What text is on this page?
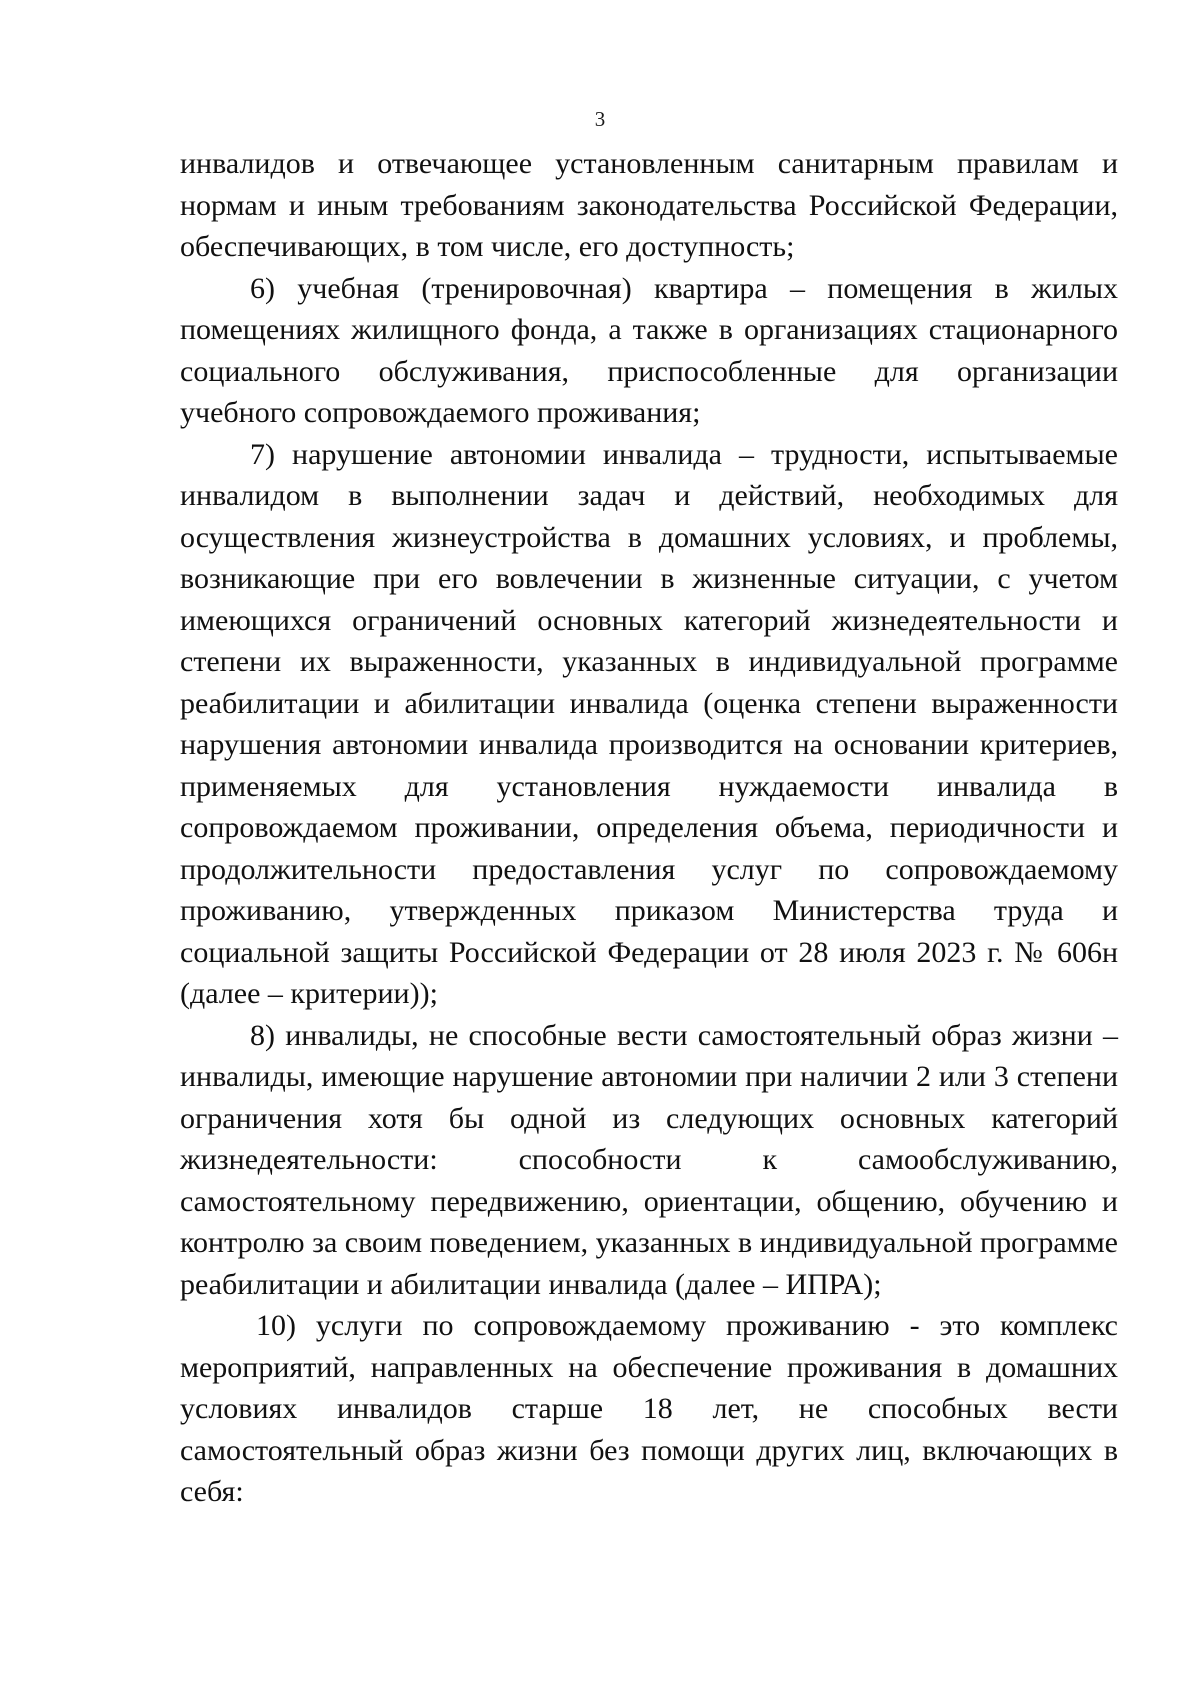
3

инвалидов и отвечающее установленным санитарным правилам и нормам и иным требованиям законодательства Российской Федерации, обеспечивающих, в том числе, его доступность;

6) учебная (тренировочная) квартира – помещения в жилых помещениях жилищного фонда, а также в организациях стационарного социального обслуживания, приспособленные для организации учебного сопровождаемого проживания;

7) нарушение автономии инвалида – трудности, испытываемые инвалидом в выполнении задач и действий, необходимых для осуществления жизнеустройства в домашних условиях, и проблемы, возникающие при его вовлечении в жизненные ситуации, с учетом имеющихся ограничений основных категорий жизнедеятельности и степени их выраженности, указанных в индивидуальной программе реабилитации и абилитации инвалида (оценка степени выраженности нарушения автономии инвалида производится на основании критериев, применяемых для установления нуждаемости инвалида в сопровождаемом проживании, определения объема, периодичности и продолжительности предоставления услуг по сопровождаемому проживанию, утвержденных приказом Министерства труда и социальной защиты Российской Федерации от 28 июля 2023 г. № 606н (далее – критерии));

8) инвалиды, не способные вести самостоятельный образ жизни – инвалиды, имеющие нарушение автономии при наличии 2 или 3 степени ограничения хотя бы одной из следующих основных категорий жизнедеятельности: способности к самообслуживанию, самостоятельному передвижению, ориентации, общению, обучению и контролю за своим поведением, указанных в индивидуальной программе реабилитации и абилитации инвалида (далее – ИПРА);

10) услуги по сопровождаемому проживанию - это комплекс мероприятий, направленных на обеспечение проживания в домашних условиях инвалидов старше 18 лет, не способных вести самостоятельный образ жизни без помощи других лиц, включающих в себя:
